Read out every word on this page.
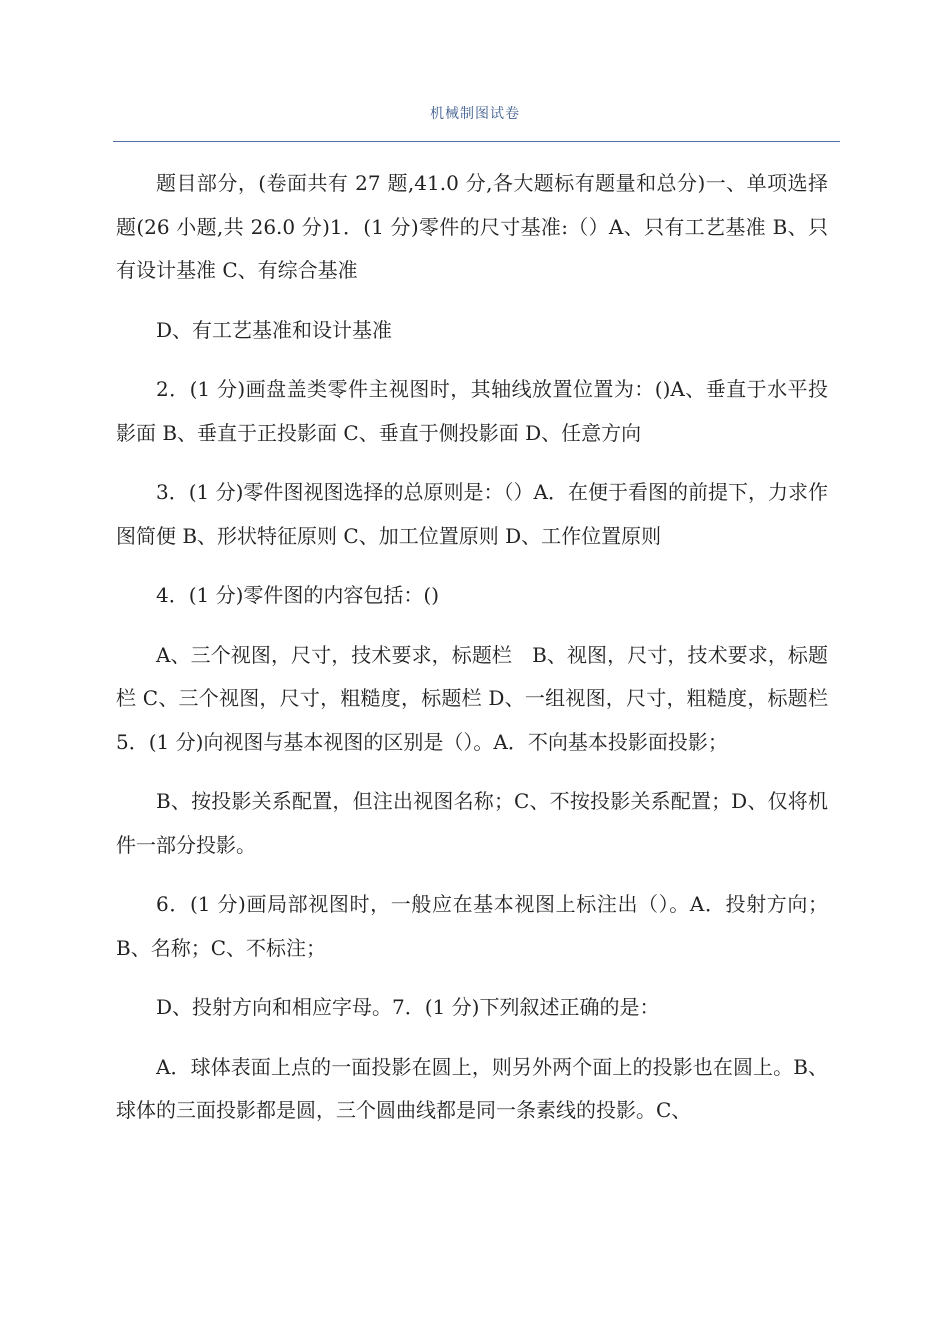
机械制图试卷

题目部分，(卷面共有 27 题,41.0 分,各大题标有题量和总分)一、单项选择题(26 小题,共 26.0 分)1．(1 分)零件的尺寸基准:（）A、只有工艺基准 B、只有设计基准 C、有综合基准

D、有工艺基准和设计基准

2．(1 分)画盘盖类零件主视图时，其轴线放置位置为：()A、垂直于水平投影面 B、垂直于正投影面 C、垂直于侧投影面 D、任意方向

3．(1 分)零件图视图选择的总原则是：（）A．在便于看图的前提下，力求作图简便 B、形状特征原则 C、加工位置原则 D、工作位置原则

4．(1 分)零件图的内容包括：()

A、三个视图，尺寸，技术要求，标题栏　B、视图，尺寸，技术要求，标题栏 C、三个视图，尺寸，粗糙度，标题栏 D、一组视图，尺寸，粗糙度，标题栏 5．(1 分)向视图与基本视图的区别是（）。A．不向基本投影面投影；

B、按投影关系配置，但注出视图名称；C、不按投影关系配置；D、仅将机件一部分投影。

6．(1 分)画局部视图时，一般应在基本视图上标注出（）。A．投射方向；B、名称；C、不标注；

D、投射方向和相应字母。7．(1 分)下列叙述正确的是：

A．球体表面上点的一面投影在圆上，则另外两个面上的投影也在圆上。B、球体的三面投影都是圆，三个圆曲线都是同一条素线的投影。C、
